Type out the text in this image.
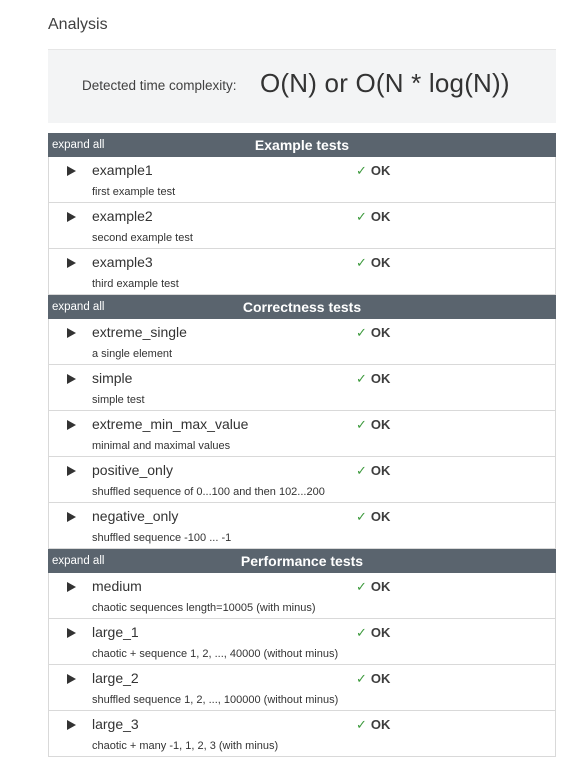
Analysis
Detected time complexity: O(N) or O(N * log(N))
expand all	Example tests
example1
first example test
✓ OK
example2
second example test
✓ OK
example3
third example test
✓ OK
expand all	Correctness tests
extreme_single
a single element
✓ OK
simple
simple test
✓ OK
extreme_min_max_value
minimal and maximal values
✓ OK
positive_only
shuffled sequence of 0...100 and then 102...200
✓ OK
negative_only
shuffled sequence -100 ... -1
✓ OK
expand all	Performance tests
medium
chaotic sequences length=10005 (with minus)
✓ OK
large_1
chaotic + sequence 1, 2, ..., 40000 (without minus)
✓ OK
large_2
shuffled sequence 1, 2, ..., 100000 (without minus)
✓ OK
large_3
chaotic + many -1, 1, 2, 3 (with minus)
✓ OK
